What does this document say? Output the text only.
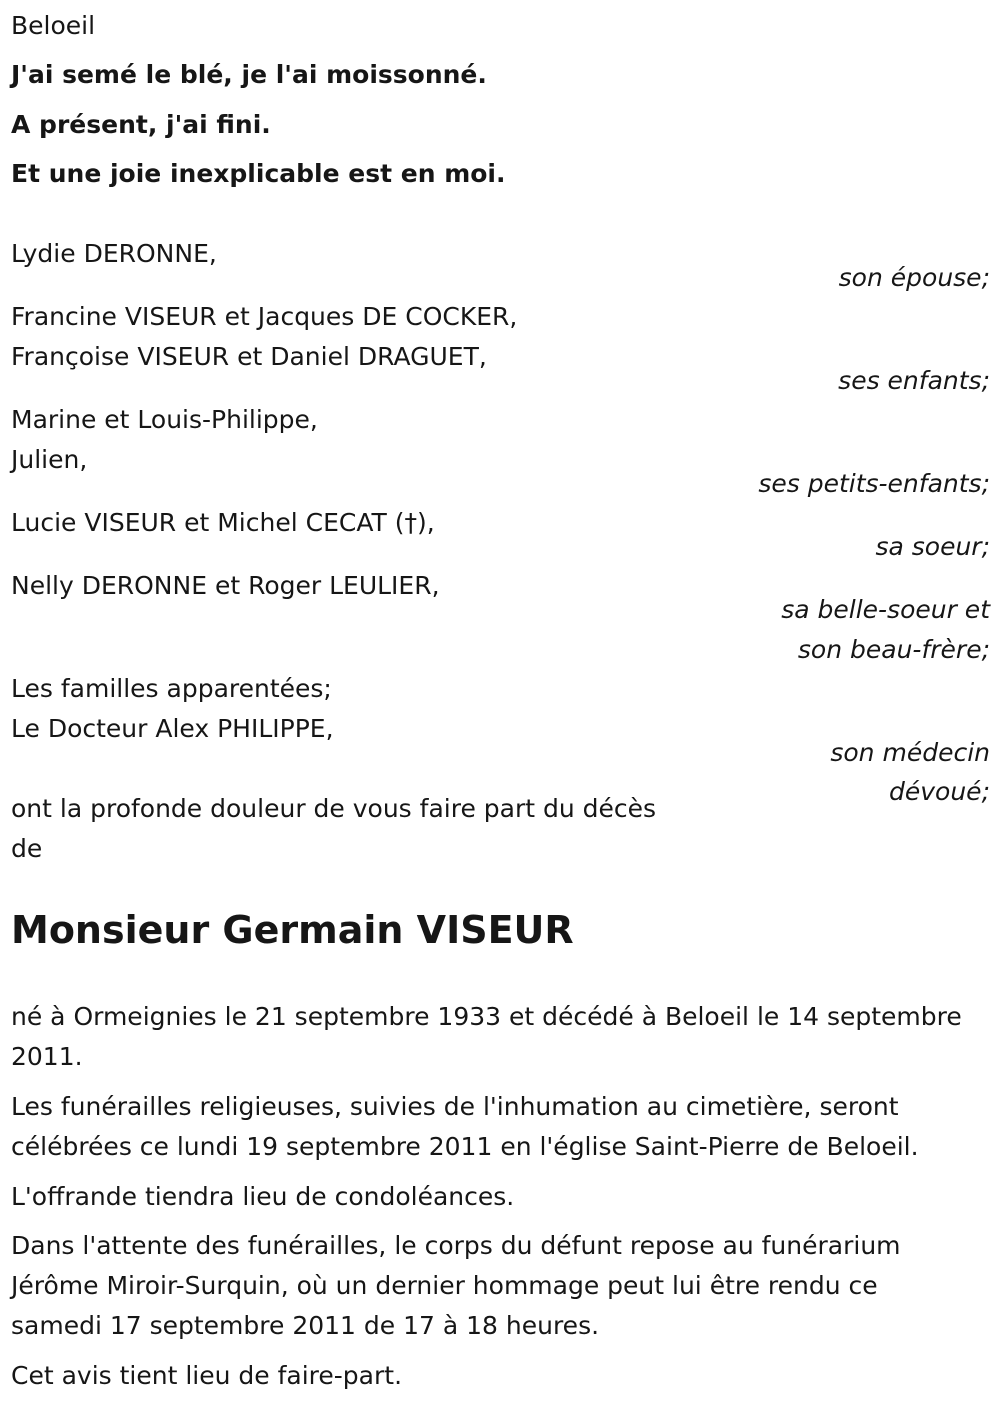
Beloeil
J'ai semé le blé, je l'ai moissonné.
A présent, j'ai fini.
Et une joie inexplicable est en moi.
Lydie DERONNE,
son épouse;
Francine VISEUR et Jacques DE COCKER,
Françoise VISEUR et Daniel DRAGUET,
ses enfants;
Marine et Louis-Philippe,
Julien,
ses petits-enfants;
Lucie VISEUR et Michel CECAT (†),
sa soeur;
Nelly DERONNE et Roger LEULIER,
sa belle-soeur et
son beau-frère;
Les familles apparentées;
Le Docteur Alex PHILIPPE,
son médecin
dévoué;
ont la profonde douleur de vous faire part du décès
de
Monsieur Germain VISEUR
né à Ormeignies le 21 septembre 1933 et décédé à Beloeil le 14 septembre 2011.
Les funérailles religieuses, suivies de l'inhumation au cimetière, seront célébrées ce lundi 19 septembre 2011 en l'église Saint-Pierre de Beloeil.
L'offrande tiendra lieu de condoléances.
Dans l'attente des funérailles, le corps du défunt repose au funérarium Jérôme Miroir-Surquin, où un dernier hommage peut lui être rendu ce samedi 17 septembre 2011 de 17 à 18 heures.
Cet avis tient lieu de faire-part.
